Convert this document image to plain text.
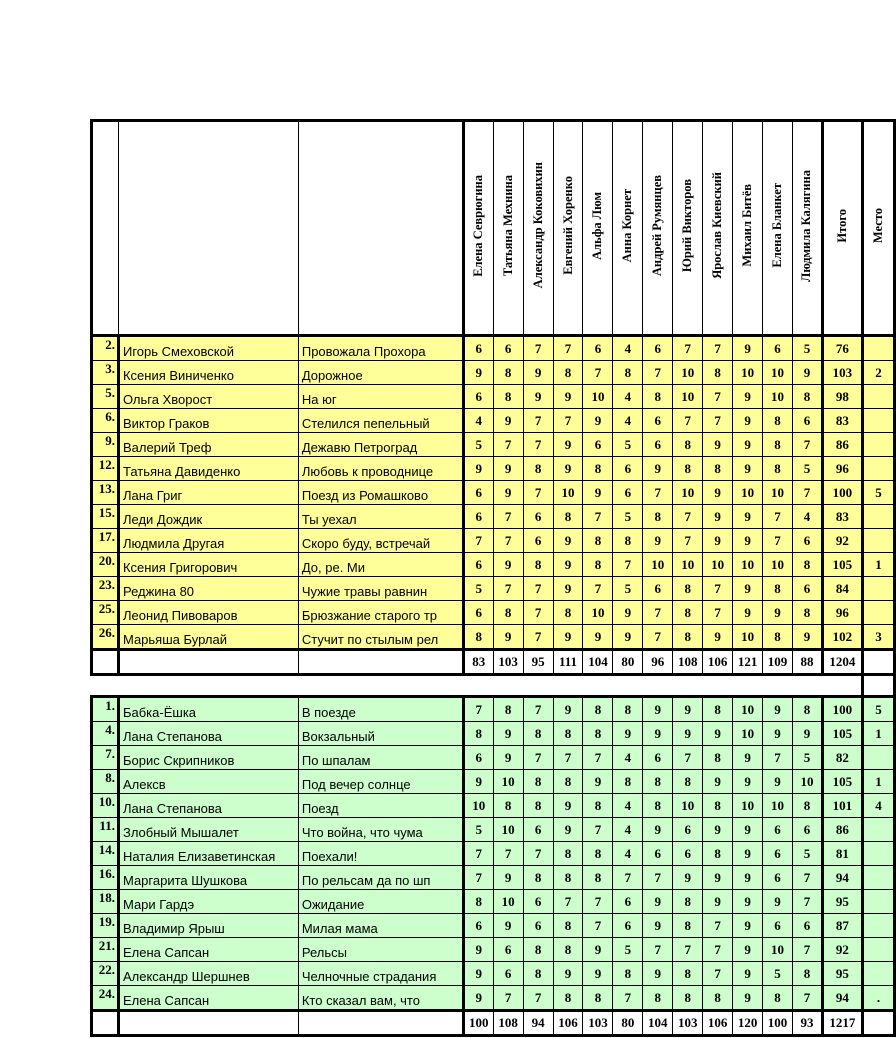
			Елена Севрюгина	Татьяна Мехнина	Александр Коковихин	Евгений Хоренко	Альфа Люм	Анна Корнет	Андрей Румянцев	Юрий Викторов	Ярослав Киевский	Михаил Битёв	Елена Бланкет	Людмила Калягина	Итого	Место
2.	Игорь Смеховской	Провожала Прохора	6	6	7	7	6	4	6	7	7	9	6	5	76	
3.	Ксения Виниченко	Дорожное	9	8	9	8	7	8	7	10	8	10	10	9	103	2
5.	Ольга Хворост	На юг	6	8	9	9	10	4	8	10	7	9	10	8	98	
6.	Виктор Граков	Стелился пепельный	4	9	7	7	9	4	6	7	7	9	8	6	83	
9.	Валерий Треф	Дежавю Петроград	5	7	7	9	6	5	6	8	9	9	8	7	86	
12.	Татьяна Давиденко	Любовь к проводнице	9	9	8	9	8	6	9	8	8	9	8	5	96	
13.	Лана Григ	Поезд из Ромашково	6	9	7	10	9	6	7	10	9	10	10	7	100	5
15.	Леди Дождик	Ты уехал	6	7	6	8	7	5	8	7	9	9	7	4	83	
17.	Людмила Другая	Скоро буду, встречай	7	7	6	9	8	8	9	7	9	9	7	6	92	
20.	Ксения Григорович	До, ре. Ми	6	9	8	9	8	7	10	10	10	10	10	8	105	1
23.	Реджина 80	Чужие травы равнин	5	7	7	9	7	5	6	8	7	9	8	6	84	
25.	Леонид Пивоваров	Брюзжание старого тр	6	8	7	8	10	9	7	8	7	9	9	8	96	
26.	Марьяша Бурлай	Стучит по стылым рел	8	9	7	9	9	9	7	8	9	10	8	9	102	3
			83	103	95	111	104	80	96	108	106	121	109	88	1204	

1.	Бабка-Ёшка	В поезде	7	8	7	9	8	8	9	9	8	10	9	8	100	5
4.	Лана Степанова	Вокзальный	8	9	8	8	8	9	9	9	9	10	9	9	105	1
7.	Борис Скрипников	По шпалам	6	9	7	7	7	4	6	7	8	9	7	5	82	
8.	Алексв	Под вечер солнце	9	10	8	8	9	8	8	8	9	9	9	10	105	1
10.	Лана Степанова	Поезд	10	8	8	9	8	4	8	10	8	10	10	8	101	4
11.	Злобный Мышалет	Что война, что чума	5	10	6	9	7	4	9	6	9	9	6	6	86	
14.	Наталия Елизаветинская	Поехали!	7	7	7	8	8	4	6	6	8	9	6	5	81	
16.	Маргарита Шушкова	По рельсам да по шп	7	9	8	8	8	7	7	9	9	9	6	7	94	
18.	Мари Гардэ	Ожидание	8	10	6	7	7	6	9	8	9	9	9	7	95	
19.	Владимир Ярыш	Милая мама	6	9	6	8	7	6	9	8	7	9	6	6	87	
21.	Елена Сапсан	Рельсы	9	6	8	8	9	5	7	7	7	9	10	7	92	
22.	Александр Шершнев	Челночные страдания	9	6	8	9	9	8	9	8	7	9	5	8	95	
24.	Елена Сапсан	Кто сказал вам, что	9	7	7	8	8	7	8	8	8	9	8	7	94	.
			100	108	94	106	103	80	104	103	106	120	100	93	1217	
